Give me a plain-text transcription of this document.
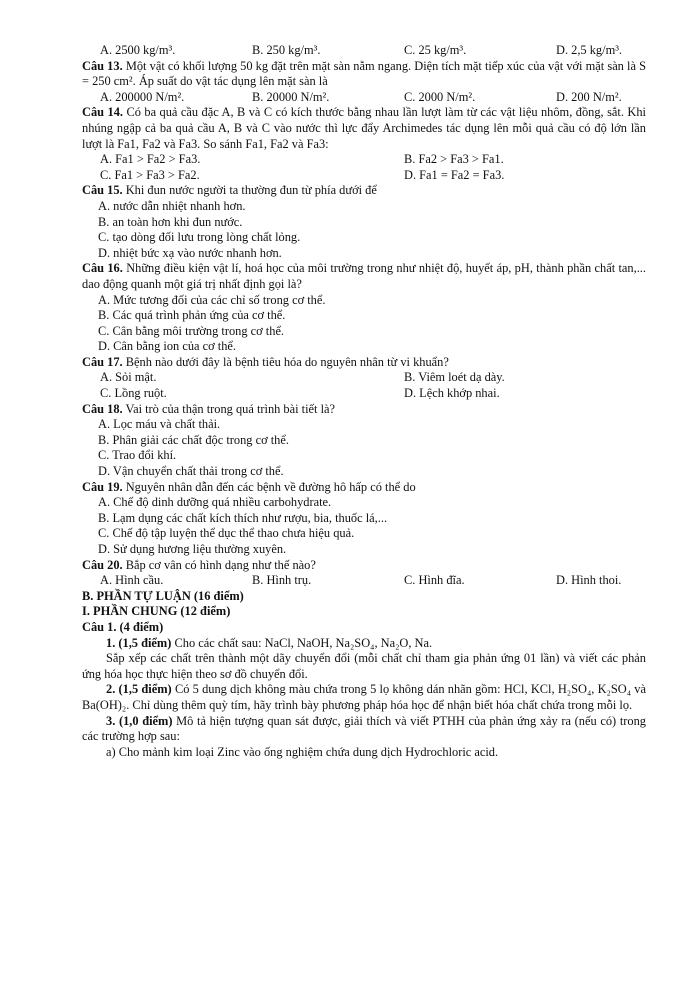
A. 2500 kg/m³.	B. 250 kg/m³.	C. 25 kg/m³.	D. 2,5 kg/m³.
Câu 13. Một vật có khối lượng 50 kg đặt trên mặt sàn nằm ngang. Diện tích mặt tiếp xúc của vật với mặt sàn là S = 250 cm². Áp suất do vật tác dụng lên mặt sàn là
A. 200000 N/m².	B. 20000 N/m².	C. 2000 N/m².	D. 200 N/m².
Câu 14. Có ba quả cầu đặc A, B và C có kích thước bằng nhau lần lượt làm từ các vật liệu nhôm, đồng, sắt. Khi nhúng ngập cả ba quả cầu A, B và C vào nước thì lực đẩy Archimedes tác dụng lên mỗi quả cầu có độ lớn lần lượt là Fa1, Fa2 và Fa3. So sánh Fa1, Fa2 và Fa3:
A. Fa1 > Fa2 > Fa3.	B. Fa2 > Fa3 > Fa1.
C. Fa1 > Fa3 > Fa2.	D. Fa1 = Fa2 = Fa3.
Câu 15. Khi đun nước người ta thường đun từ phía dưới để
A. nước dẫn nhiệt nhanh hơn.
B. an toàn hơn khi đun nước.
C. tạo dòng đối lưu trong lòng chất lỏng.
D. nhiệt bức xạ vào nước nhanh hơn.
Câu 16. Những điều kiện vật lí, hoá học của môi trường trong như nhiệt độ, huyết áp, pH, thành phần chất tan,... dao động quanh một giá trị nhất định gọi là?
A. Mức tương đối của các chỉ số trong cơ thể.
B. Các quá trình phản ứng của cơ thể.
C. Cân bằng môi trường trong cơ thể.
D. Cân bằng ion của cơ thể.
Câu 17. Bệnh nào dưới đây là bệnh tiêu hóa do nguyên nhân từ vi khuẩn?
A. Sỏi mật.	B. Viêm loét dạ dày.
C. Lồng ruột.	D. Lệch khớp nhai.
Câu 18. Vai trò của thận trong quá trình bài tiết là?
A. Lọc máu và chất thải.
B. Phân giải các chất độc trong cơ thể.
C. Trao đổi khí.
D. Vận chuyển chất thải trong cơ thể.
Câu 19. Nguyên nhân dẫn đến các bệnh về đường hô hấp có thể do
A. Chế độ dinh dưỡng quá nhiều carbohydrate.
B. Lạm dụng các chất kích thích như rượu, bia, thuốc lá,...
C. Chế độ tập luyện thể dục thể thao chưa hiệu quả.
D. Sử dụng hương liệu thường xuyên.
Câu 20. Bắp cơ vân có hình dạng như thế nào?
A. Hình cầu.	B. Hình trụ.	C. Hình đĩa.	D. Hình thoi.
B. PHẦN TỰ LUẬN (16 điểm)
I. PHẦN CHUNG (12 điểm)
Câu 1. (4 điểm)
1. (1,5 điểm) Cho các chất sau: NaCl, NaOH, Na₂SO₄, Na₂O, Na.
Sắp xếp các chất trên thành một dãy chuyển đổi (mỗi chất chỉ tham gia phản ứng 01 lần) và viết các phản ứng hóa học thực hiện theo sơ đồ chuyển đổi.
2. (1,5 điểm) Có 5 dung dịch không màu chứa trong 5 lọ không dán nhãn gồm: HCl, KCl, H₂SO₄, K₂SO₄ và Ba(OH)₂. Chỉ dùng thêm quỳ tím, hãy trình bày phương pháp hóa học để nhận biết hóa chất chứa trong mỗi lọ.
3. (1,0 điểm) Mô tả hiện tượng quan sát được, giải thích và viết PTHH của phản ứng xảy ra (nếu có) trong các trường hợp sau:
a) Cho mảnh kim loại Zinc vào ống nghiệm chứa dung dịch Hydrochloric acid.
